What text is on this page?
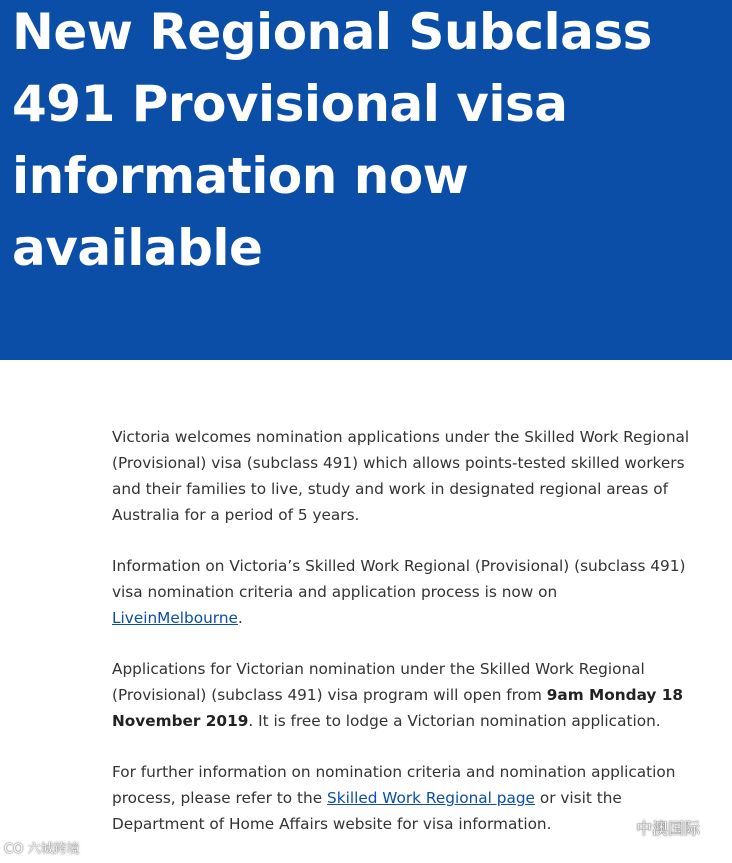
New Regional Subclass 491 Provisional visa information now available

Victoria welcomes nomination applications under the Skilled Work Regional (Provisional) visa (subclass 491) which allows points-tested skilled workers and their families to live, study and work in designated regional areas of Australia for a period of 5 years.

Information on Victoria’s Skilled Work Regional (Provisional) (subclass 491) visa nomination criteria and application process is now on LiveinMelbourne.

Applications for Victorian nomination under the Skilled Work Regional (Provisional) (subclass 491) visa program will open from 9am Monday 18 November 2019. It is free to lodge a Victorian nomination application.

For further information on nomination criteria and nomination application process, please refer to the Skilled Work Regional page or visit the Department of Home Affairs website for visa information.

CO 六城跨境
中澳国际
